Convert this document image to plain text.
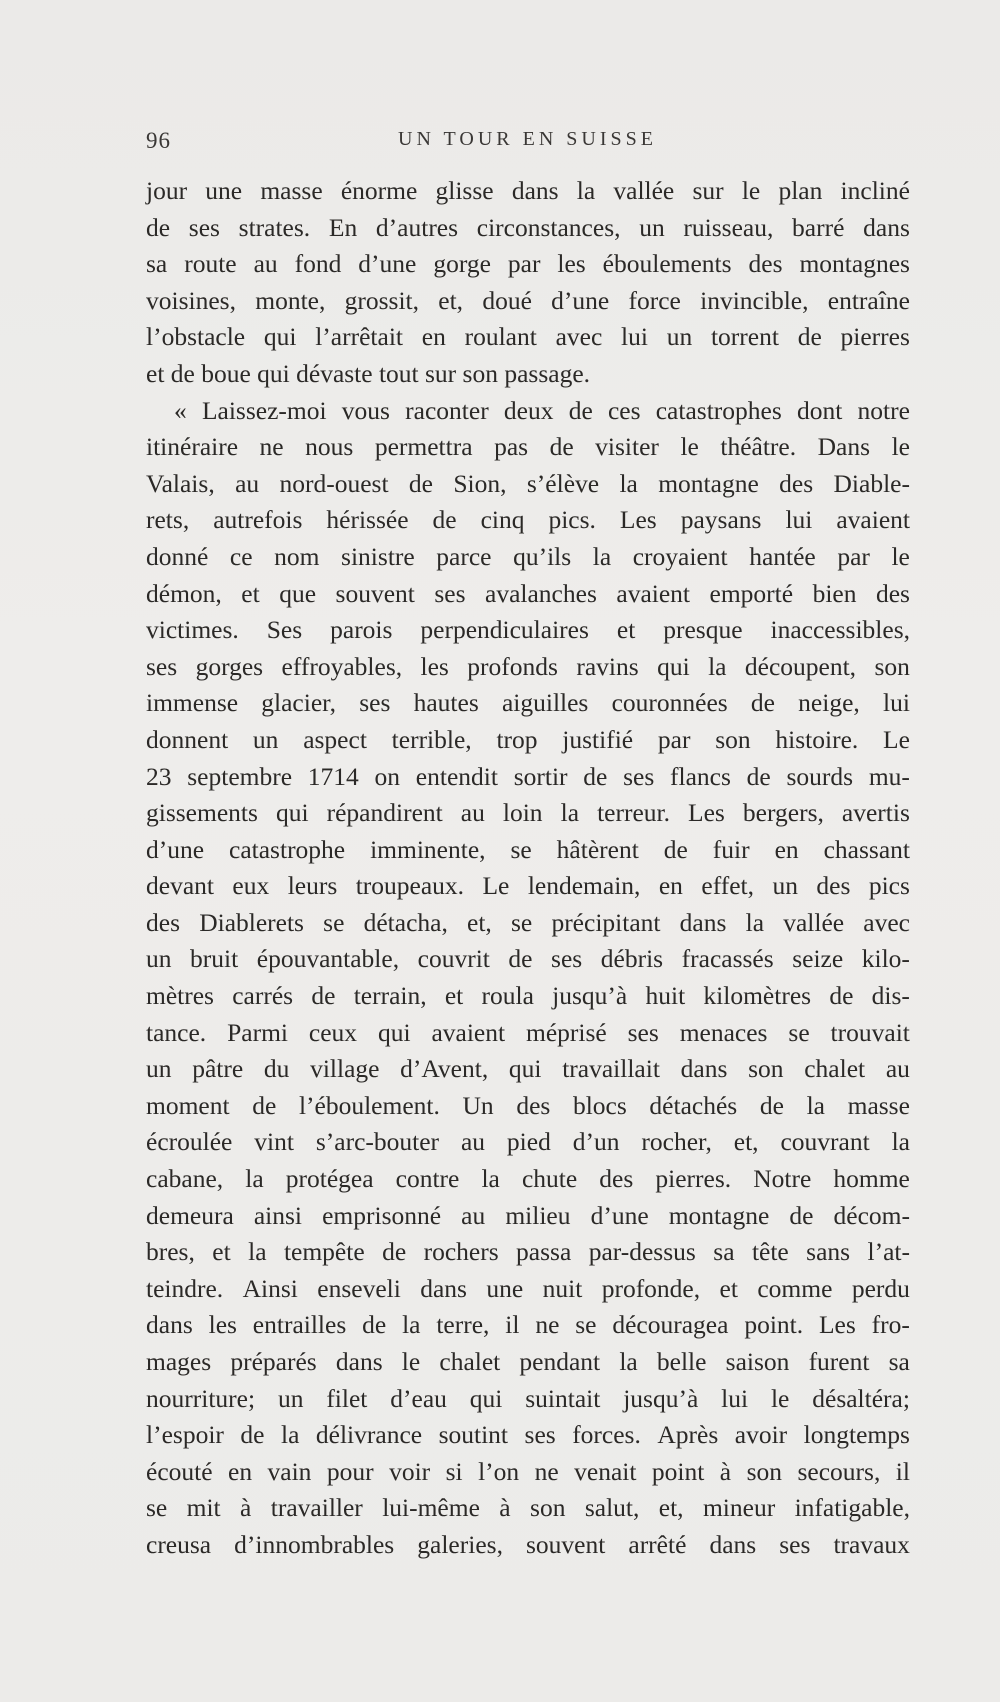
96	UN TOUR EN SUISSE
jour une masse énorme glisse dans la vallée sur le plan incliné
de ses strates. En d’autres circonstances, un ruisseau, barré dans
sa route au fond d’une gorge par les éboulements des montagnes
voisines, monte, grossit, et, doué d’une force invincible, entraîne
l’obstacle qui l’arrêtait en roulant avec lui un torrent de pierres
et de boue qui dévaste tout sur son passage.
« Laissez-moi vous raconter deux de ces catastrophes dont notre
itinéraire ne nous permettra pas de visiter le théâtre. Dans le
Valais, au nord-ouest de Sion, s’élève la montagne des Diable-
rets, autrefois hérissée de cinq pics. Les paysans lui avaient
donné ce nom sinistre parce qu’ils la croyaient hantée par le
démon, et que souvent ses avalanches avaient emporté bien des
victimes. Ses parois perpendiculaires et presque inaccessibles,
ses gorges effroyables, les profonds ravins qui la découpent, son
immense glacier, ses hautes aiguilles couronnées de neige, lui
donnent un aspect terrible, trop justifié par son histoire. Le
23 septembre 1714 on entendit sortir de ses flancs de sourds mu-
gissements qui répandirent au loin la terreur. Les bergers, avertis
d’une catastrophe imminente, se hâtèrent de fuir en chassant
devant eux leurs troupeaux. Le lendemain, en effet, un des pics
des Diablerets se détacha, et, se précipitant dans la vallée avec
un bruit épouvantable, couvrit de ses débris fracassés seize kilo-
mètres carrés de terrain, et roula jusqu’à huit kilomètres de dis-
tance. Parmi ceux qui avaient méprisé ses menaces se trouvait
un pâtre du village d’Avent, qui travaillait dans son chalet au
moment de l’éboulement. Un des blocs détachés de la masse
écroulée vint s’arc-bouter au pied d’un rocher, et, couvrant la
cabane, la protégea contre la chute des pierres. Notre homme
demeura ainsi emprisonné au milieu d’une montagne de décom-
bres, et la tempête de rochers passa par-dessus sa tête sans l’at-
teindre. Ainsi enseveli dans une nuit profonde, et comme perdu
dans les entrailles de la terre, il ne se découragea point. Les fro-
mages préparés dans le chalet pendant la belle saison furent sa
nourriture; un filet d’eau qui suintait jusqu’à lui le désaltéra;
l’espoir de la délivrance soutint ses forces. Après avoir longtemps
écouté en vain pour voir si l’on ne venait point à son secours, il
se mit à travailler lui-même à son salut, et, mineur infatigable,
creusa d’innombrables galeries, souvent arrêté dans ses travaux
